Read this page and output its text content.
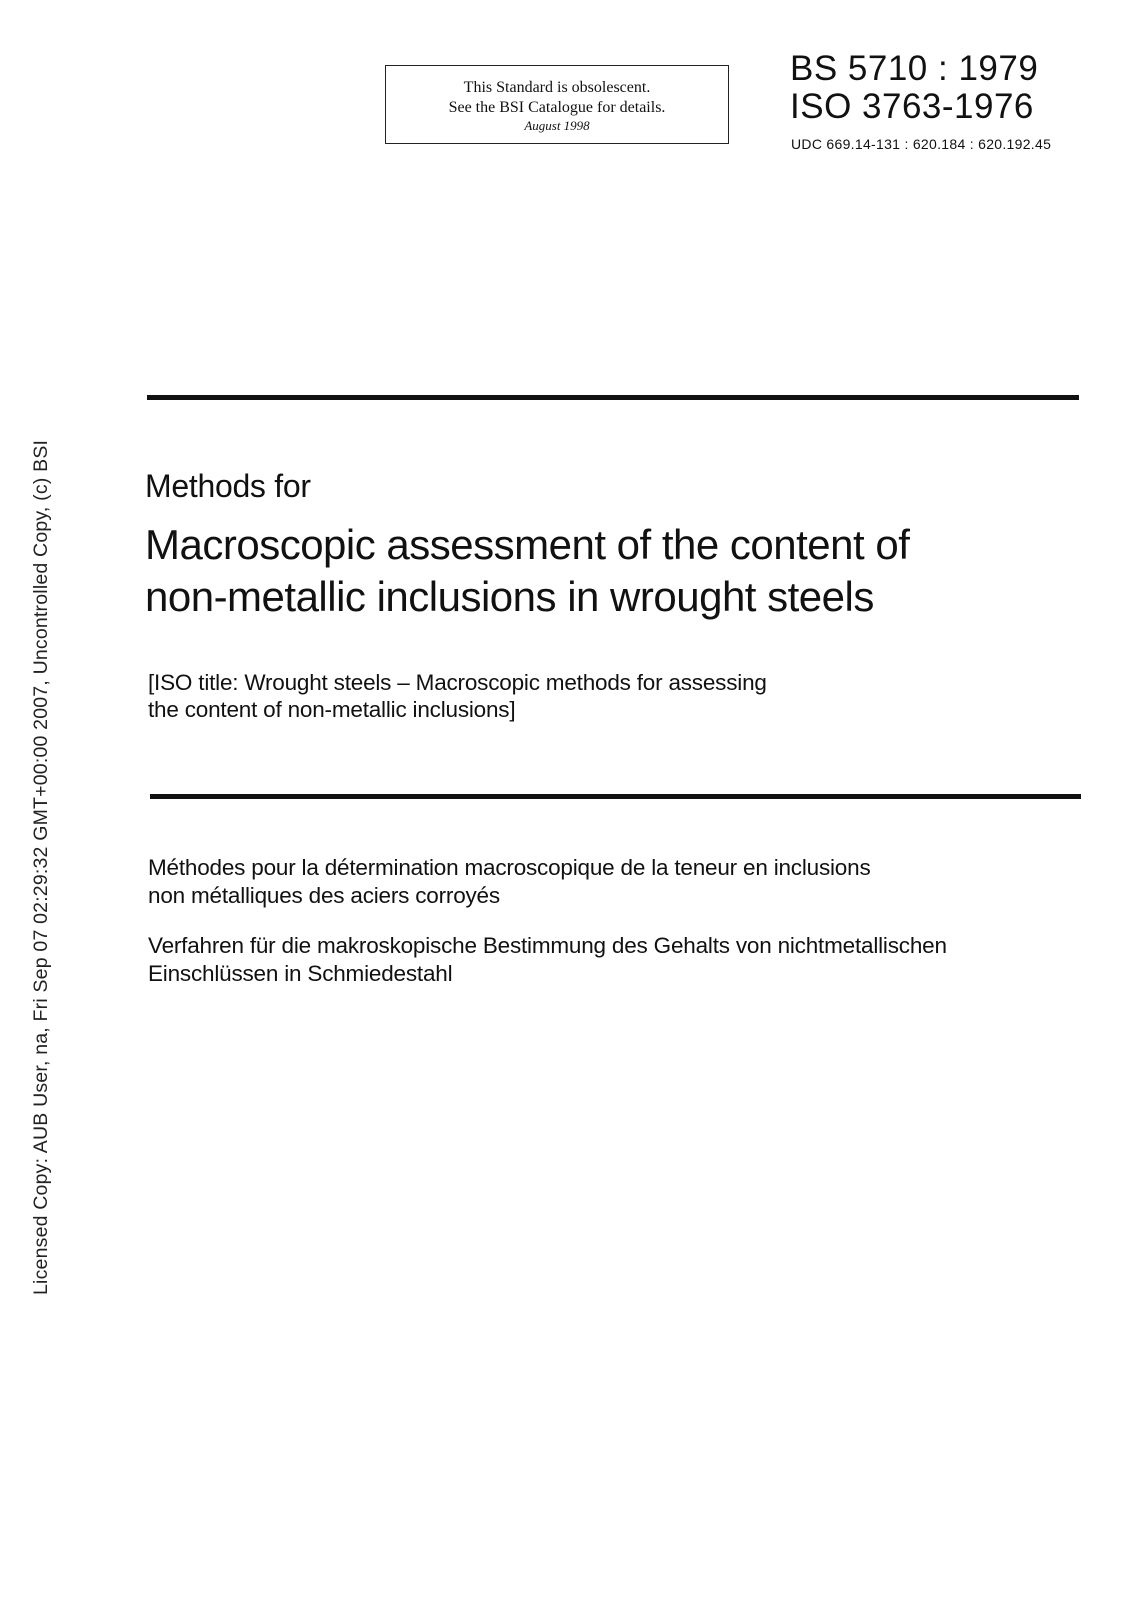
This Standard is obsolescent.
See the BSI Catalogue for details.
August 1998
BS 5710 : 1979
ISO 3763-1976
UDC 669.14-131 : 620.184 : 620.192.45
Licensed Copy: AUB User, na, Fri Sep 07 02:29:32 GMT+00:00 2007, Uncontrolled Copy, (c) BSI	Methods for
Macroscopic assessment of the content of
non-metallic inclusions in wrought steels
[ISO title: Wrought steels – Macroscopic methods for assessing
the content of non-metallic inclusions]
Méthodes pour la détermination macroscopique de la teneur en inclusions
non métalliques des aciers corroyés
Verfahren für die makroskopische Bestimmung des Gehalts von nichtmetallischen
Einschlüssen in Schmiedestahl
